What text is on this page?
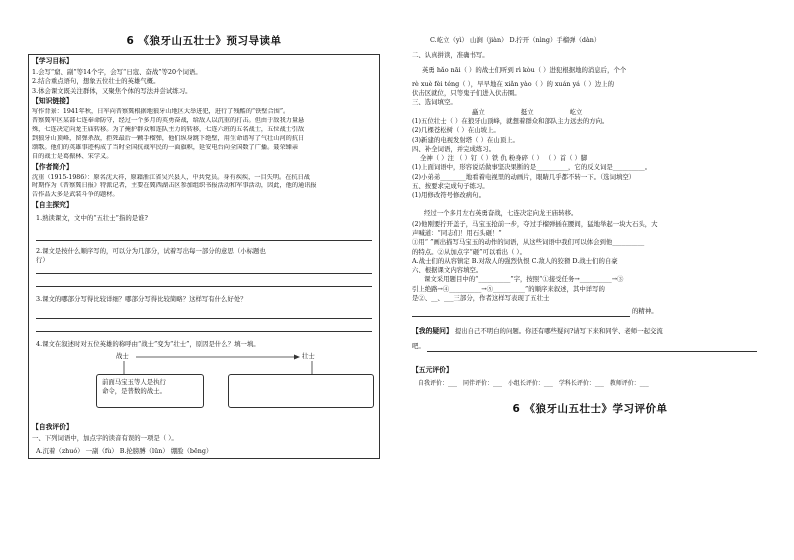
6 《狼牙山五壮士》预习导读单
【学习目标】
1.会写“窟、副”等14个字，会写“日寇、奋战”等20个词语。
2.结合重点语句，想象五位壮士的英雄气概。
3.体会课文既关注群体，又聚焦个体的写法并尝试练习。
【知识链接】
写作背景：1941年秋，日军向晋察冀根据地狼牙山地区大举进犯，进行了残酷的“铁壁合围”。
晋察冀军区某部七连奉命防守，经过一个多月的英勇奋战，给敌人以沉重的打击。但由于敌我力量悬
殊，七连决定向龙王庙转移。为了掩护群众和连队主力的转移，七连六班的五名战士，五位战士引敌
到狼牙山顶峰，留弹杀敌，拒死最后一颗手榴弹，他们纵身跳下绝壁，用生命谱写了气壮山河的抗日
颂歌。他们的英雄事迹构成了当时全国抗战军民的一面旗帜，延安电台向全国数了广播。聂荣臻亲
自的战士是葛振林、宋学义。
【作者简介】
沈重（1915-1986）：原名沈大祥，原籍浙江省吴兴县人，中共党员。身有疾疾，一目失明。在抗日战
时期作为《晋察冀日报》特派记者，主要在冀西湖击区参加组织书报活动和军事活动，因此，他的通讯报
告作品大多是武装斗争的题材。
【自主探究】
1.熟读课文，文中的“五壮士”指的是谁?
2.课文是按什么顺序写的，可以分为几部分，试着写出每一部分的意思（小标题也
行）
3.课文的哪部分写得比较详细？哪部分写得比较简略？这样写有什么好处？
4.课文在叙述时对五位英雄的称呼由“战士”变为“壮士”，原因是什么？填一填。
战士	壮士
前面马宝玉等人是执行
命令，是普数的战士。
【自我评价】
一、下列词语中，加点字的读音有误的一项是（ ）。
A.沉着（zhuó） 一副（fù） B.抡膀膊（lūn） 绷脸（bēng）
C.屹立（yì） 山涧（jiàn） D.拧开（nìng）手榴弹（dàn）
二、认真拼读，准确书写。
英勇 hǎo nāi（ ）的战士们听到 rì kòu（ ）进犯根据地的消息后，个个
rè xuè fèi téng（ ），早早地在 xiǎn yào（ ）的 xuán yá（ ）边上的
伏击区就位，只等鬼子们进入伏击圈。
三、选词填空。
矗立	挺立	屹立
(1)五位壮士（ ）在狼牙山顶峰，就想着群众和部队主力远去的方向。
(2)几棵苍松树（ ）在山坡上。
(3)新建的电视发射塔（ ）在山顶上。
四、补全词语，并完成练习。
全神（ ）注 （ ）钉（ ）铁 仇 粉身碎（ ） （ ）首（ ）脚
(1)上面词语中，形容说话做事坚决果断的是__________，它的反义词是__________。
(2)小弟弟________地看着电视里的动画片，眼睛几乎都不转一下。（选词填空）
五、按要求完成句子练习。
(1)用修改符号修改病句。
经过一个多月左右英勇奋战，七连决定向龙王庙转移。
(2)他刚要拧开盖子，马宝玉抢前一步，夺过手榴弹插在腰间，猛地举起一块大石头，大
声喊道：“同志们！用石头砸！”
①用“ ”画出描写马宝玉的动作的词语，从这些词语中我们可以体会到他__________
的特点。②从加点字“砸”可以看出（ ）。
A.战士们的从容镇定 B.对敌人的强烈仇恨 C.敌人的狡猾 D.战士们的自豪
六、根据课文内容填空。
课文采用题目中的“__________”字，按照“①接受任务→__________→③
引上绝路→④__________→⑤__________”的顺序来叙述，其中详写的
是②、__、___三部分，作者这样写表现了五壮士
的精神。
【我的疑问】 提出自己不明白的问题。你还有哪些疑问?请写下来和同学、老师一起交流
吧。
【五元评价】
自我评价：___ 同伴评价：___ 小组长评价：___ 学科长评价：___ 教师评价：___
6 《狼牙山五壮士》学习评价单
